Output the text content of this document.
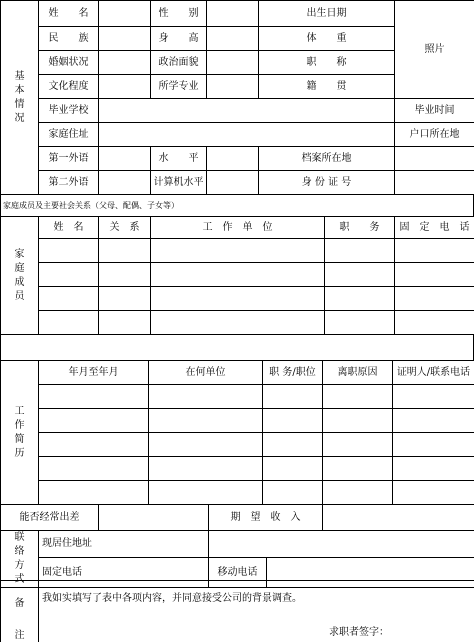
基
本
情
况	姓　　名		性　　别		出生日期	照片	
	民　　族		身　　高		体　　重		
	婚姻状况		政治面貌		职　　称		
	文化程度		所学专业		籍　　贯		
	毕业学校					毕业时间	
	家庭住址					户口所在地	
	第一外语		水　　平		档案所在地		
	第二外语		计算机水平		身 份 证 号		
家庭成员及主要社会关系（父母、配偶、子女等）
家
庭
成
员	姓　名	关　系	工　作　单　位	职　　务	固　定　电　话

工
作
简
历	年月至年月	在何单位	职 务/职位	离职原因	证明人/联系电话

能否经常出差		期　望　收　入	
联
络
方
式	现居住地址		
	固定电话	移动电话	
备
注

我如实填写了表中各项内容，并同意接受公司的背景调查。
求职者签字：
